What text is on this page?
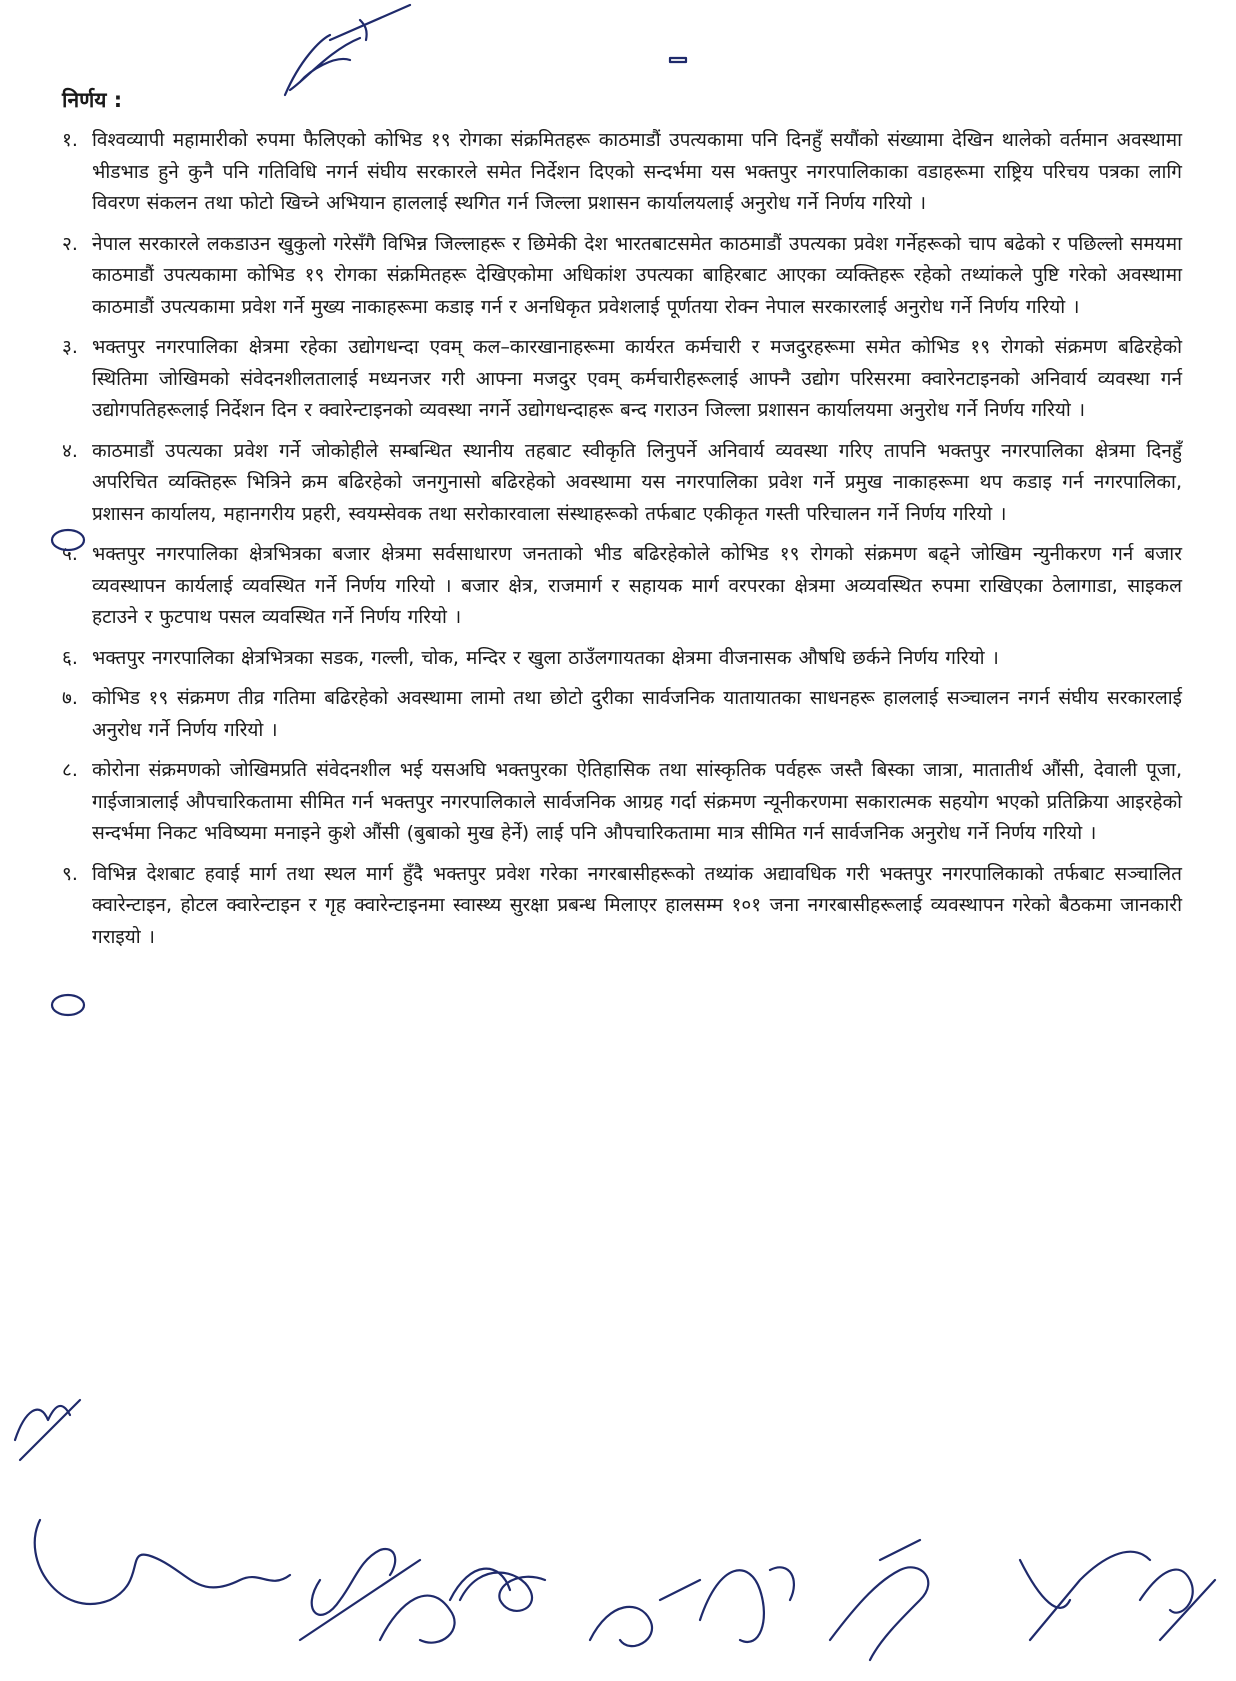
निर्णय :
१. विश्वव्यापी महामारीको रुपमा फैलिएको कोभिड १९ रोगका संक्रमितहरू काठमाडौं उपत्यकामा पनि दिनहुँ सयौंको संख्यामा देखिन थालेको वर्तमान अवस्थामा भीडभाड हुने कुनै पनि गतिविधि नगर्न संघीय सरकारले समेत निर्देशन दिएको सन्दर्भमा यस भक्तपुर नगरपालिकाका वडाहरूमा राष्ट्रिय परिचय पत्रका लागि विवरण संकलन तथा फोटो खिच्ने अभियान हाललाई स्थगित गर्न जिल्ला प्रशासन कार्यालयलाई अनुरोध गर्ने निर्णय गरियो ।
२. नेपाल सरकारले लकडाउन खुकुलो गरेसँगै विभिन्न जिल्लाहरू र छिमेकी देश भारतबाटसमेत काठमाडौं उपत्यका प्रवेश गर्नेहरूको चाप बढेको र पछिल्लो समयमा काठमाडौं उपत्यकामा कोभिड १९ रोगका संक्रमितहरू देखिएकोमा अधिकांश उपत्यका बाहिरबाट आएका व्यक्तिहरू रहेको तथ्यांकले पुष्टि गरेको अवस्थामा काठमाडौं उपत्यकामा प्रवेश गर्ने मुख्य नाकाहरूमा कडाइ गर्न र अनधिकृत प्रवेशलाई पूर्णतया रोक्न नेपाल सरकारलाई अनुरोध गर्ने निर्णय गरियो ।
३. भक्तपुर नगरपालिका क्षेत्रमा रहेका उद्योगधन्दा एवम् कल–कारखानाहरूमा कार्यरत कर्मचारी र मजदुरहरूमा समेत कोभिड १९ रोगको संक्रमण बढिरहेको स्थितिमा जोखिमको संवेदनशीलतालाई मध्यनजर गरी आफ्ना मजदुर एवम् कर्मचारीहरूलाई आफ्नै उद्योग परिसरमा क्वारेनटाइनको अनिवार्य व्यवस्था गर्न उद्योगपतिहरूलाई निर्देशन दिन र क्वारेन्टाइनको व्यवस्था नगर्ने उद्योगधन्दाहरू बन्द गराउन जिल्ला प्रशासन कार्यालयमा अनुरोध गर्ने निर्णय गरियो ।
४. काठमाडौं उपत्यका प्रवेश गर्ने जोकोहीले सम्बन्धित स्थानीय तहबाट स्वीकृति लिनुपर्ने अनिवार्य व्यवस्था गरिए तापनि भक्तपुर नगरपालिका क्षेत्रमा दिनहुँ अपरिचित व्यक्तिहरू भित्रिने क्रम बढिरहेको जनगुनासो बढिरहेको अवस्थामा यस नगरपालिका प्रवेश गर्ने प्रमुख नाकाहरूमा थप कडाइ गर्न नगरपालिका, प्रशासन कार्यालय, महानगरीय प्रहरी, स्वयम्सेवक तथा सरोकारवाला संस्थाहरूको तर्फबाट एकीकृत गस्ती परिचालन गर्ने निर्णय गरियो ।
५. भक्तपुर नगरपालिका क्षेत्रभित्रका बजार क्षेत्रमा सर्वसाधारण जनताको भीड बढिरहेकोले कोभिड १९ रोगको संक्रमण बढ्ने जोखिम न्युनीकरण गर्न बजार व्यवस्थापन कार्यलाई व्यवस्थित गर्ने निर्णय गरियो । बजार क्षेत्र, राजमार्ग र सहायक मार्ग वरपरका क्षेत्रमा अव्यवस्थित रुपमा राखिएका ठेलागाडा, साइकल हटाउने र फुटपाथ पसल व्यवस्थित गर्ने निर्णय गरियो ।
६. भक्तपुर नगरपालिका क्षेत्रभित्रका सडक, गल्ली, चोक, मन्दिर र खुला ठाउँलगायतका क्षेत्रमा वीजनासक औषधि छर्कने निर्णय गरियो ।
७. कोभिड १९ संक्रमण तीव्र गतिमा बढिरहेको अवस्थामा लामो तथा छोटो दुरीका सार्वजनिक यातायातका साधनहरू हाललाई सञ्चालन नगर्न संघीय सरकारलाई अनुरोध गर्ने निर्णय गरियो ।
८. कोरोना संक्रमणको जोखिमप्रति संवेदनशील भई यसअघि भक्तपुरका ऐतिहासिक तथा सांस्कृतिक पर्वहरू जस्तै बिस्का जात्रा, मातातीर्थ औंसी, देवाली पूजा, गाईजात्रालाई औपचारिकतामा सीमित गर्न भक्तपुर नगरपालिकाले सार्वजनिक आग्रह गर्दा संक्रमण न्यूनीकरणमा सकारात्मक सहयोग भएको प्रतिक्रिया आइरहेको सन्दर्भमा निकट भविष्यमा मनाइने कुशे औंसी (बुबाको मुख हेर्ने) लाई पनि औपचारिकतामा मात्र सीमित गर्न सार्वजनिक अनुरोध गर्ने निर्णय गरियो ।
९. विभिन्न देशबाट हवाई मार्ग तथा स्थल मार्ग हुँदै भक्तपुर प्रवेश गरेका नगरबासीहरूको तथ्यांक अद्यावधिक गरी भक्तपुर नगरपालिकाको तर्फबाट सञ्चालित क्वारेन्टाइन, होटल क्वारेन्टाइन र गृह क्वारेन्टाइनमा स्वास्थ्य सुरक्षा प्रबन्ध मिलाएर हालसम्म १०१ जना नगरबासीहरूलाई व्यवस्थापन गरेको बैठकमा जानकारी गराइयो ।
